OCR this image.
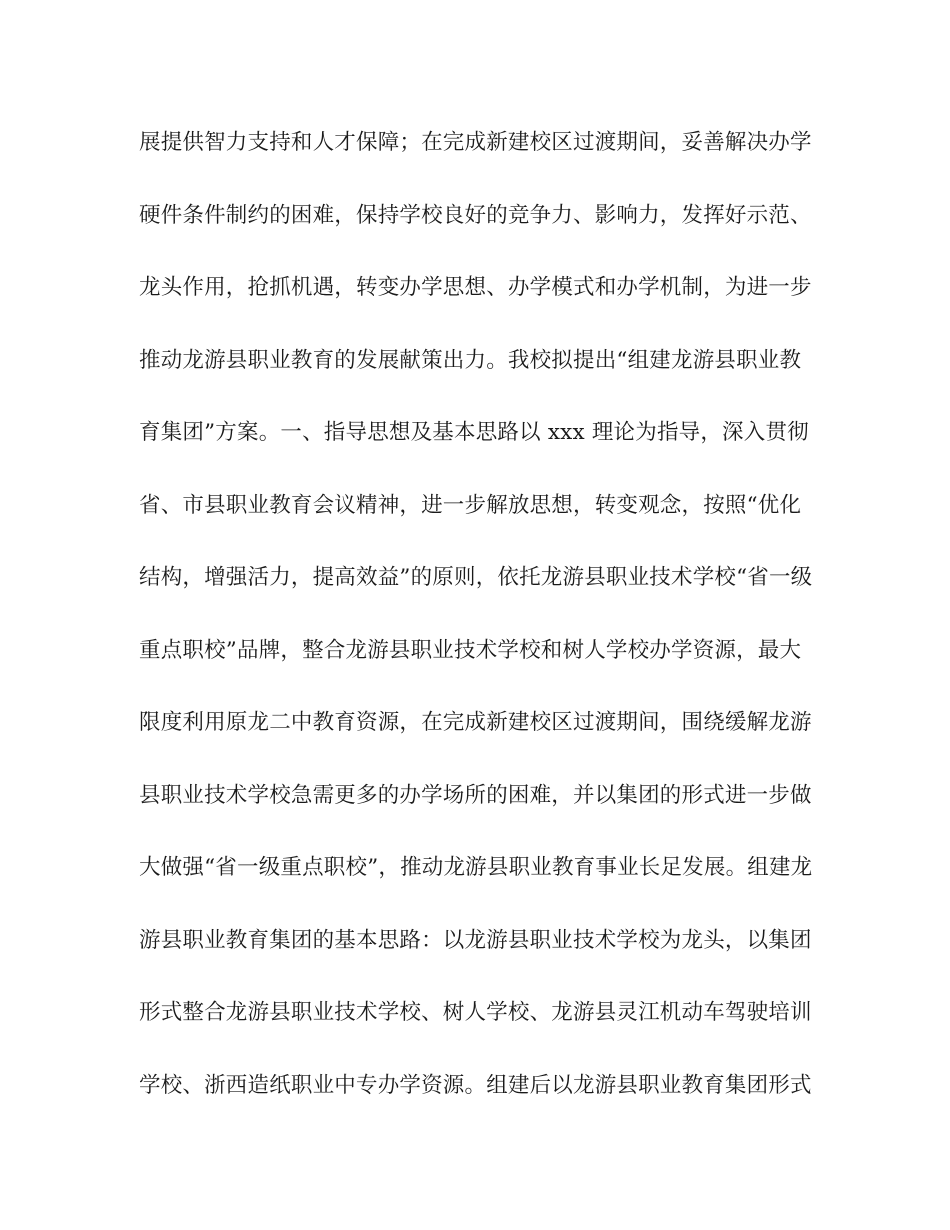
展提供智力支持和人才保障；在完成新建校区过渡期间，妥善解决办学
硬件条件制约的困难，保持学校良好的竞争力、影响力，发挥好示范、
龙头作用，抢抓机遇，转变办学思想、办学模式和办学机制，为进一步
推动龙游县职业教育的发展献策出力。我校拟提出“组建龙游县职业教
育集团”方案。一、指导思想及基本思路以 xxx 理论为指导，深入贯彻
省、市县职业教育会议精神，进一步解放思想，转变观念，按照“优化
结构，增强活力，提高效益”的原则，依托龙游县职业技术学校“省一级
重点职校”品牌，整合龙游县职业技术学校和树人学校办学资源，最大
限度利用原龙二中教育资源，在完成新建校区过渡期间，围绕缓解龙游
县职业技术学校急需更多的办学场所的困难，并以集团的形式进一步做
大做强“省一级重点职校”，推动龙游县职业教育事业长足发展。组建龙
游县职业教育集团的基本思路：以龙游县职业技术学校为龙头，以集团
形式整合龙游县职业技术学校、树人学校、龙游县灵江机动车驾驶培训
学校、浙西造纸职业中专办学资源。组建后以龙游县职业教育集团形式
